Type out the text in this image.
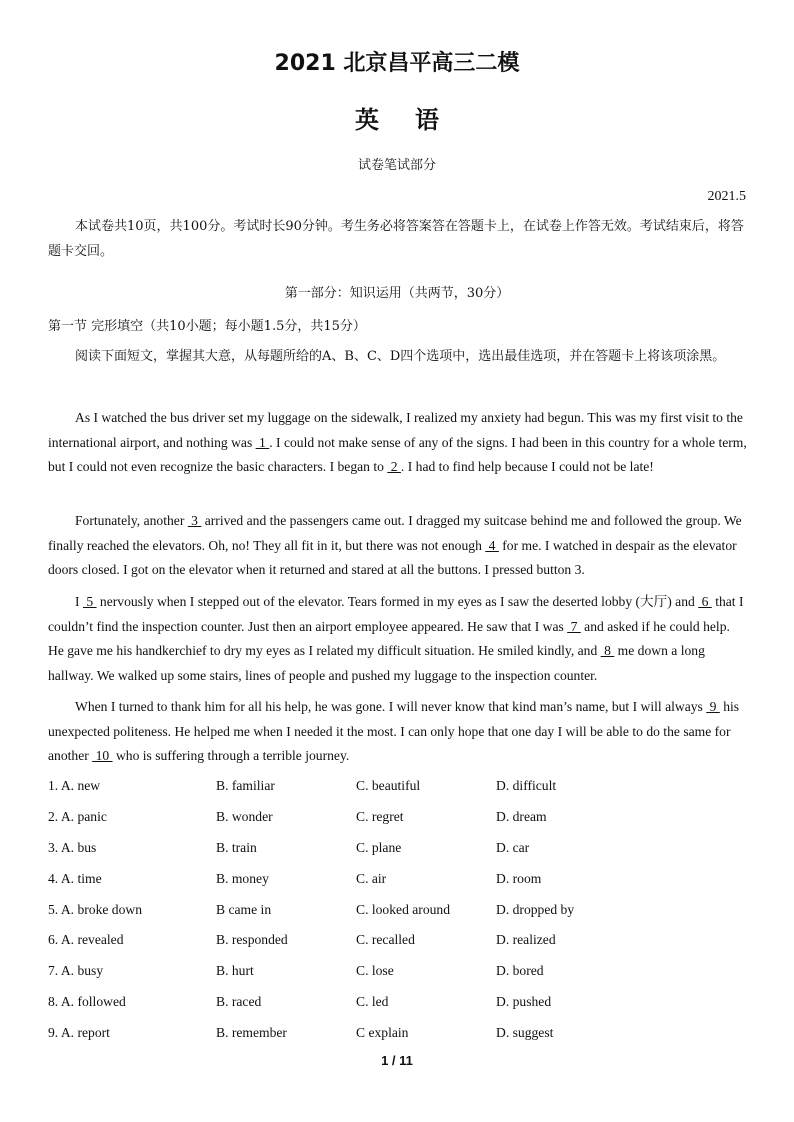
2021 北京昌平高三二模
英语
试卷笔试部分
2021.5

本试卷共10页，共100分。考试时长90分钟。考生务必将答案答在答题卡上，在试卷上作答无效。考试结束后，将答题卡交回。

第一部分：知识运用（共两节，30分）
第一节 完形填空（共10小题；每小题1.5分，共15分）

阅读下面短文，掌握其大意，从每题所给的A、B、C、D四个选项中，选出最佳选项，并在答题卡上将该项涂黑。

As I watched the bus driver set my luggage on the sidewalk, I realized my anxiety had begun. This was my first visit to the international airport, and nothing was  1 . I could not make sense of any of the signs. I had been in this country for a whole term, but I could not even recognize the basic characters. I began to  2 . I had to find help because I could not be late!

Fortunately, another  3  arrived and the passengers came out. I dragged my suitcase behind me and followed the group. We finally reached the elevators. Oh, no! They all fit in it, but there was not enough  4  for me. I watched in despair as the elevator doors closed. I got on the elevator when it returned and stared at all the buttons. I pressed button 3.

I  5  nervously when I stepped out of the elevator. Tears formed in my eyes as I saw the deserted lobby (大厅) and  6  that I couldn’t find the inspection counter. Just then an airport employee appeared. He saw that I was  7  and asked if he could help. He gave me his handkerchief to dry my eyes as I related my difficult situation. He smiled kindly, and  8  me down a long hallway. We walked up some stairs, lines of people and pushed my luggage to the inspection counter.

When I turned to thank him for all his help, he was gone. I will never know that kind man’s name, but I will always  9  his unexpected politeness. He helped me when I needed it the most. I can only hope that one day I will be able to do the same for another  10  who is suffering through a terrible journey.

1. A. new	B. familiar	C. beautiful	D. difficult
2. A. panic	B. wonder	C. regret	D. dream
3. A. bus	B. train	C. plane	D. car
4. A. time	B. money	C. air	D. room
5. A. broke down	B came in	C. looked around	D. dropped by
6. A. revealed	B. responded	C. recalled	D. realized
7. A. busy	B. hurt	C. lose	D. bored
8. A. followed	B. raced	C. led	D. pushed
9. A. report	B. remember	C explain	D. suggest
1 / 11
